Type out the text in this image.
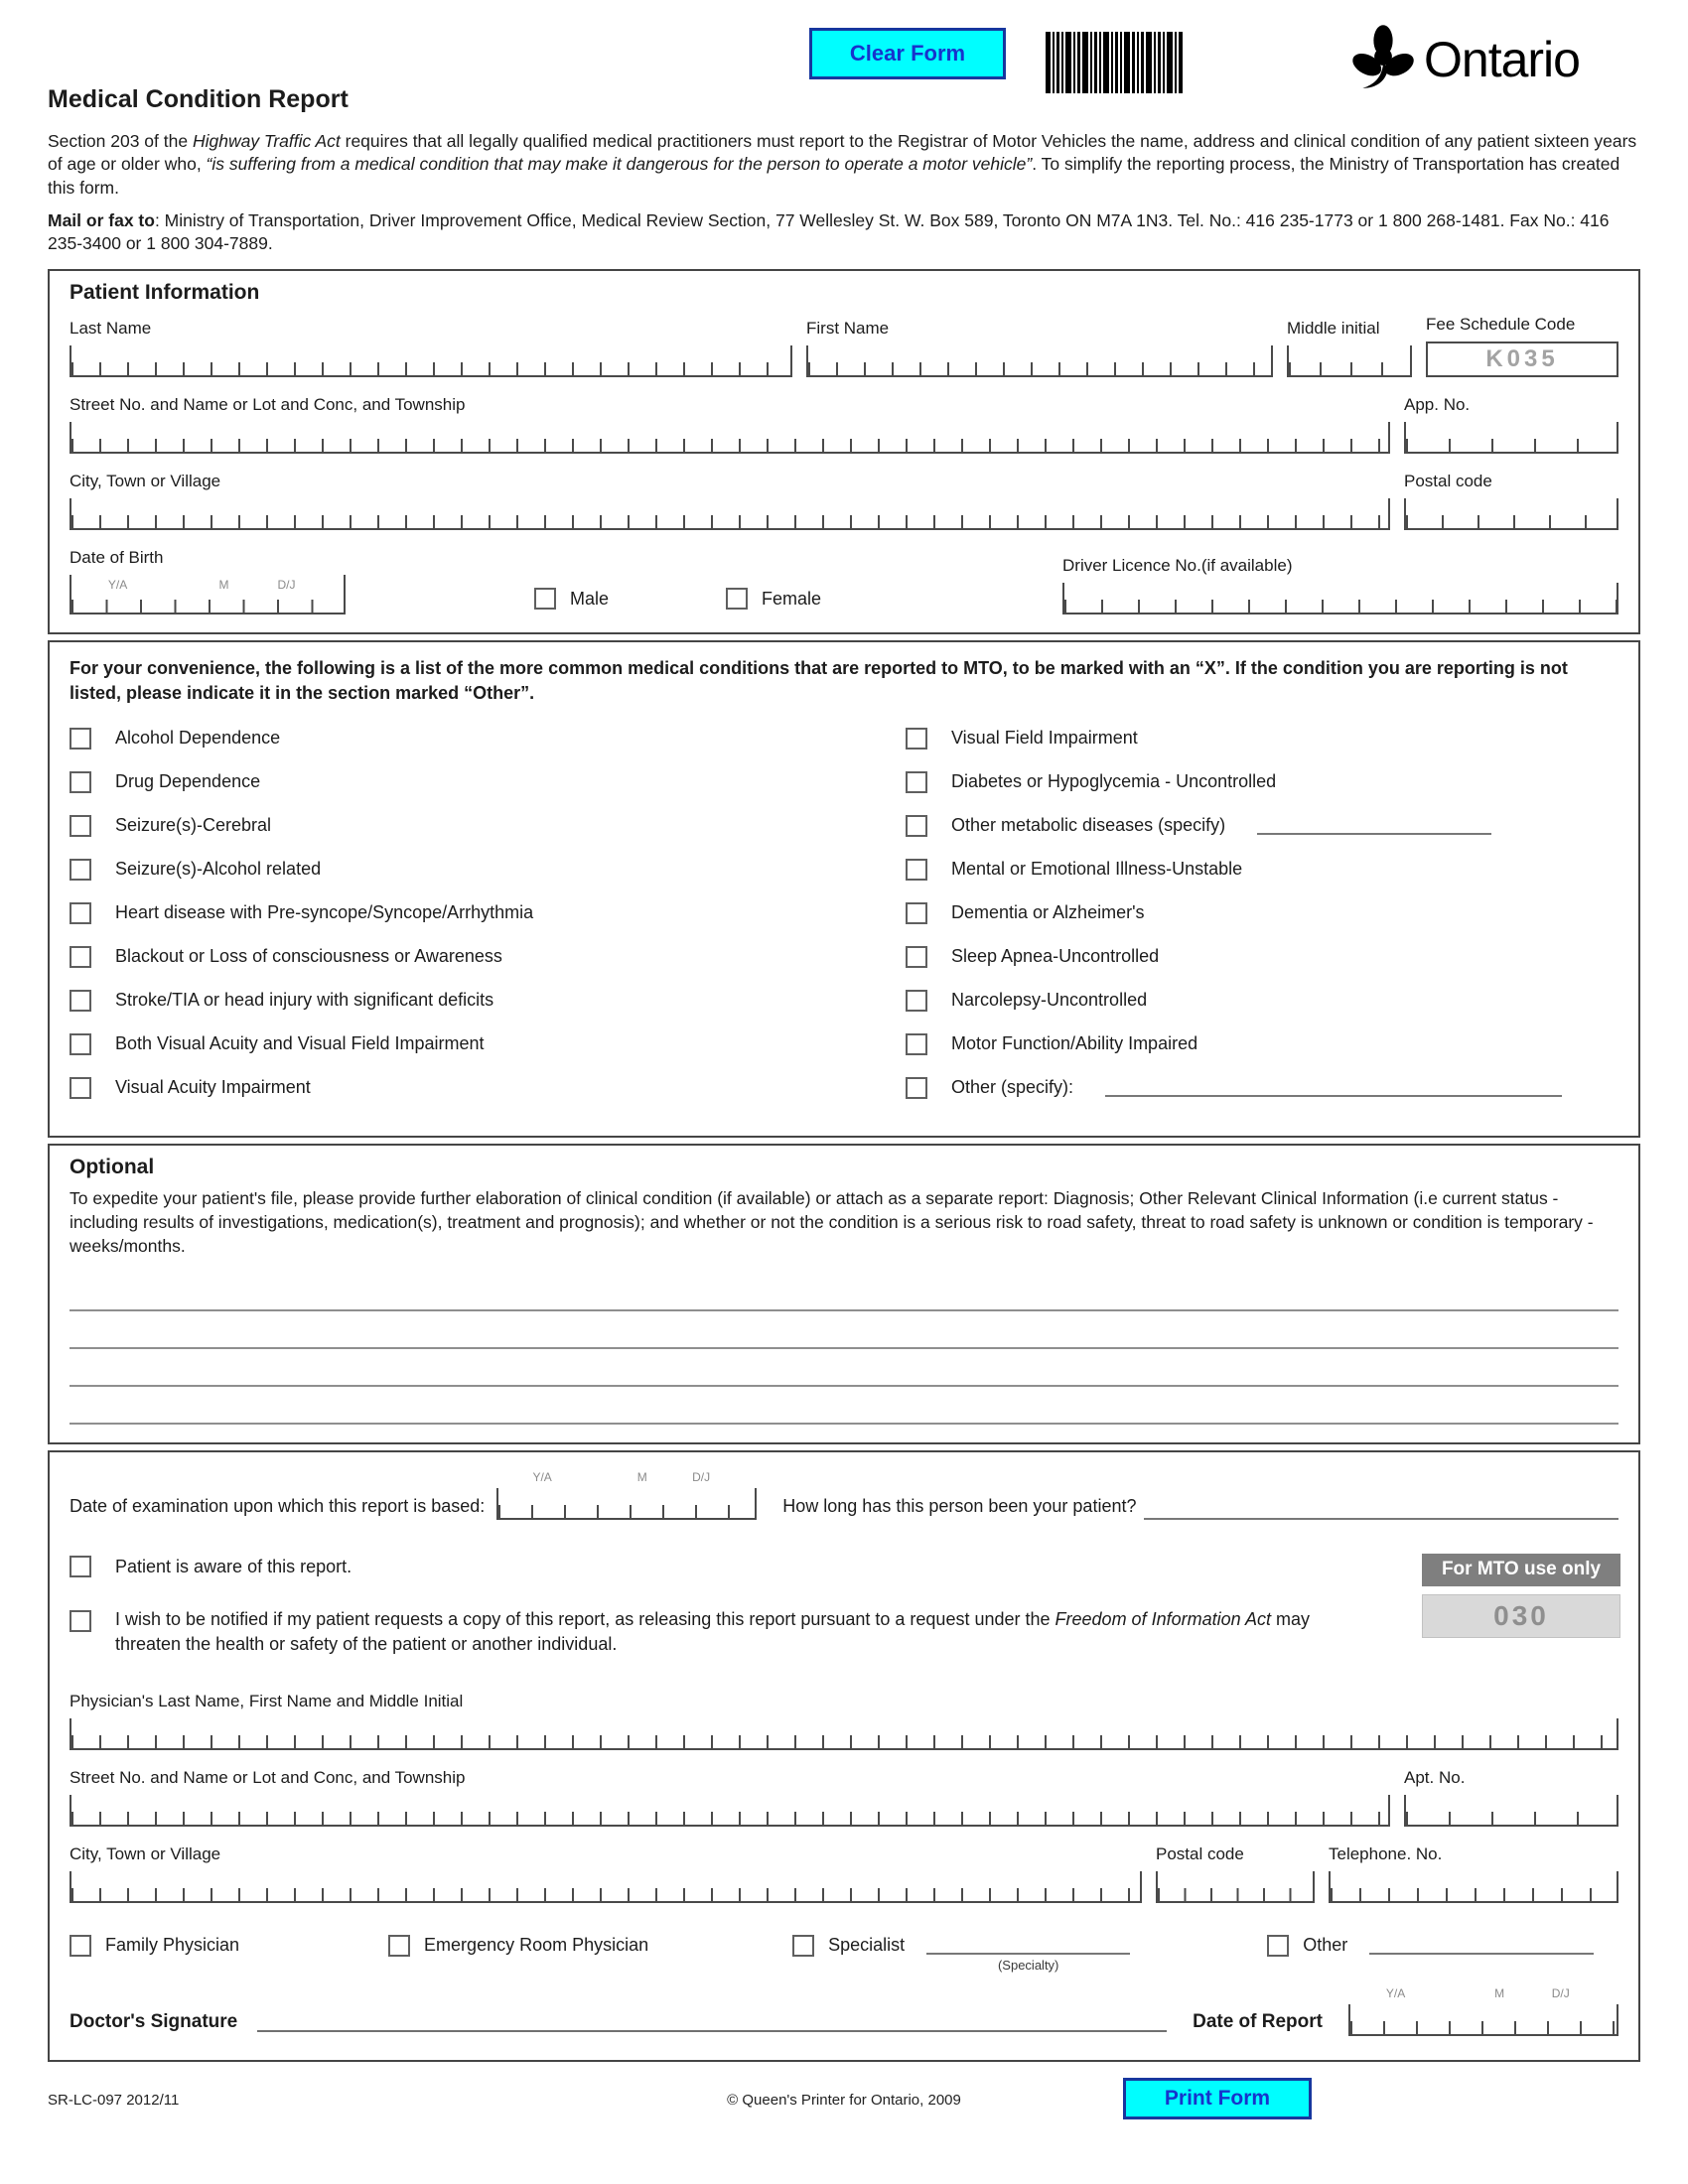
Clear Form	Ontario
Medical Condition Report

Section 203 of the Highway Traffic Act requires that all legally qualified medical practitioners must report to the Registrar of Motor Vehicles the name, address and clinical condition of any patient sixteen years of age or older who, “is suffering from a medical condition that may make it dangerous for the person to operate a motor vehicle”. To simplify the reporting process, the Ministry of Transportation has created this form.

Mail or fax to: Ministry of Transportation, Driver Improvement Office, Medical Review Section, 77 Wellesley St. W. Box 589, Toronto ON M7A 1N3. Tel. No.: 416 235-1773 or 1 800 268-1481. Fax No.: 416 235-3400 or 1 800 304-7889.

Patient Information
Last Name	First Name	Middle initial	Fee Schedule Code
K035
Street No. and Name or Lot and Conc, and Township	App. No.
City, Town or Village	Postal code
Date of Birth
Y/A	M	D/J
Male	Female
Driver Licence No.(if available)

For your convenience, the following is a list of the more common medical conditions that are reported to MTO, to be marked with an “X”. If the condition you are reporting is not listed, please indicate it in the section marked “Other”.

Alcohol Dependence
Drug Dependence
Seizure(s)-Cerebral
Seizure(s)-Alcohol related
Heart disease with Pre-syncope/Syncope/Arrhythmia
Blackout or Loss of consciousness or Awareness
Stroke/TIA or head injury with significant deficits
Both Visual Acuity and Visual Field Impairment
Visual Acuity Impairment
Visual Field Impairment
Diabetes or Hypoglycemia - Uncontrolled
Other metabolic diseases (specify)
Mental or Emotional Illness-Unstable
Dementia or Alzheimer's
Sleep Apnea-Uncontrolled
Narcolepsy-Uncontrolled
Motor Function/Ability Impaired
Other (specify):
Optional

To expedite your patient's file, please provide further elaboration of clinical condition (if available) or attach as a separate report: Diagnosis; Other Relevant Clinical Information (i.e current status - including results of investigations, medication(s), treatment and prognosis); and whether or not the condition is a serious risk to road safety, threat to road safety is unknown or condition is temporary - weeks/months.

Date of examination upon which this report is based:
Y/A	M	D/J
How long has this person been your patient?
Patient is aware of this report.

I wish to be notified if my patient requests a copy of this report, as releasing this report pursuant to a request under the Freedom of Information Act may threaten the health or safety of the patient or another individual.

For MTO use only
030
Physician's Last Name, First Name and Middle Initial
Street No. and Name or Lot and Conc, and Township	Apt. No.
City, Town or Village	Postal code	Telephone. No.
Family Physician	Emergency Room Physician	Specialist
(Specialty)
Other
Doctor's Signature	Date of Report
Y/A	M	D/J
SR-LC-097 2012/11	© Queen's Printer for Ontario, 2009	Print Form
